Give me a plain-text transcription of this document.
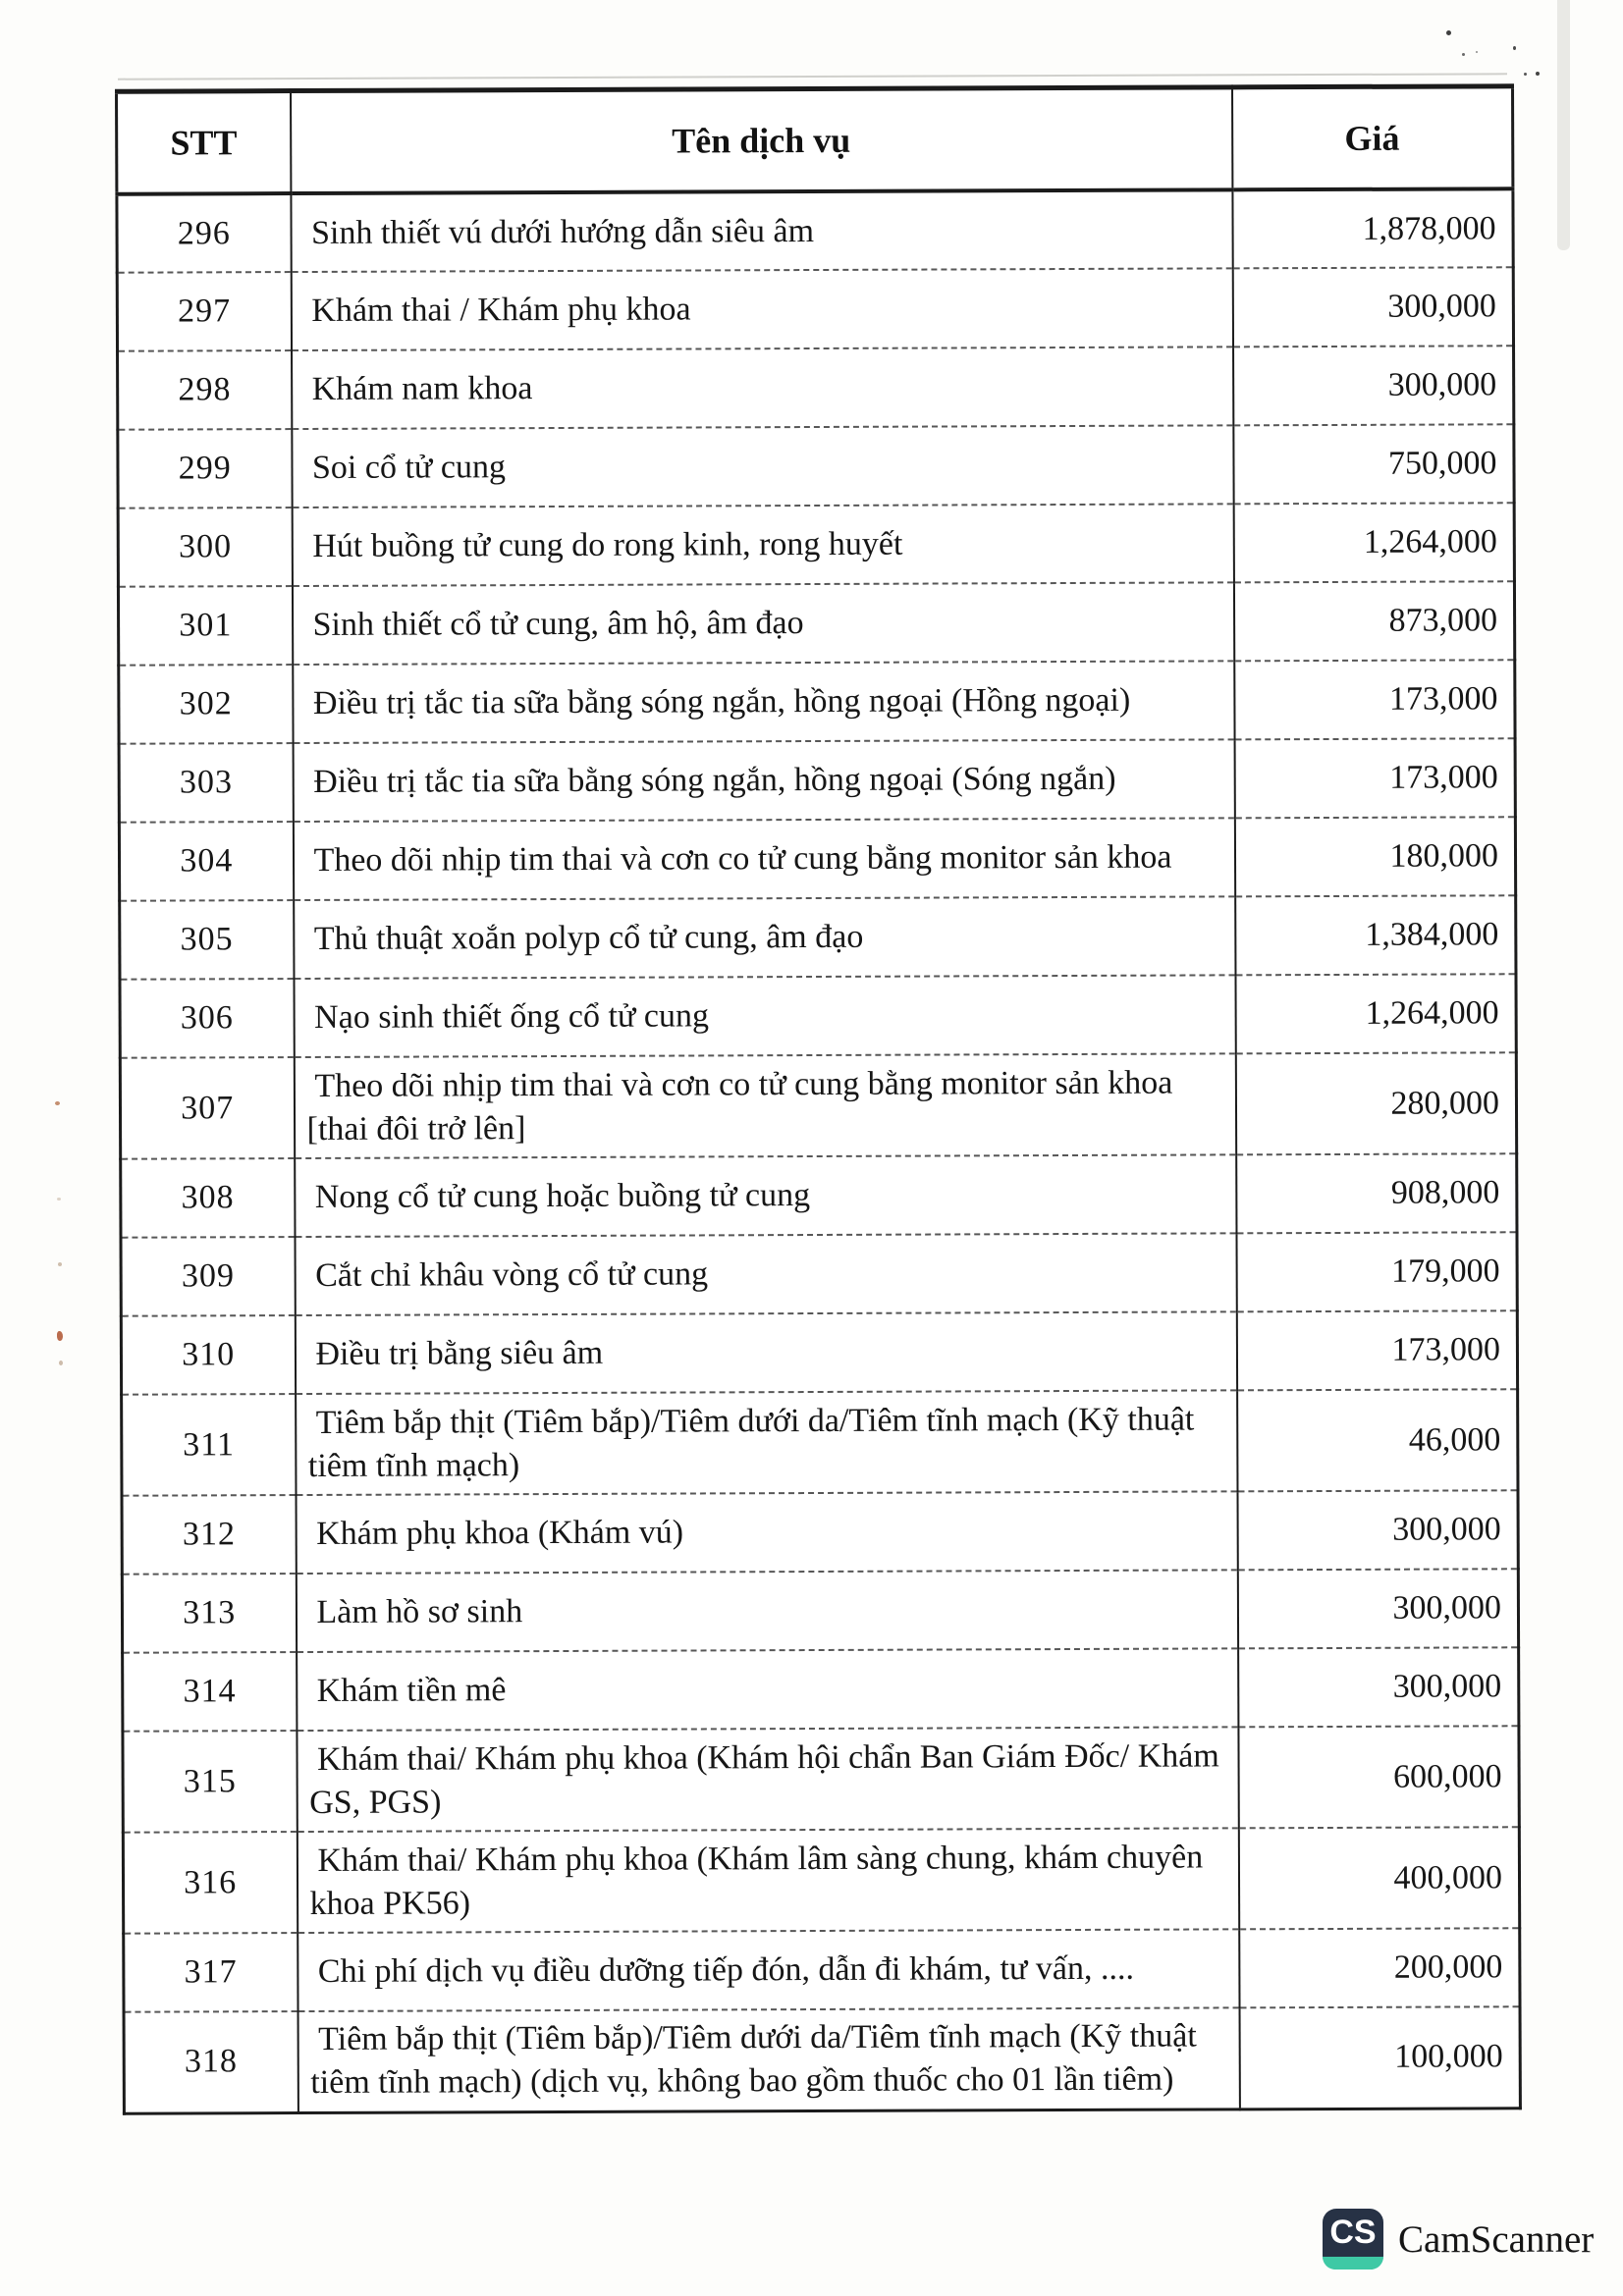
STT	Tên dịch vụ	Giá
296	Sinh thiết vú dưới hướng dẫn siêu âm	1,878,000
297	Khám thai / Khám phụ khoa	300,000
298	Khám nam khoa	300,000
299	Soi cổ tử cung	750,000
300	Hút buồng tử cung do rong kinh, rong huyết	1,264,000
301	Sinh thiết cổ tử cung, âm hộ, âm đạo	873,000
302	Điều trị tắc tia sữa bằng sóng ngắn, hồng ngoại (Hồng ngoại)	173,000
303	Điều trị tắc tia sữa bằng sóng ngắn, hồng ngoại (Sóng ngắn)	173,000
304	Theo dõi nhịp tim thai và cơn co tử cung bằng monitor sản khoa	180,000
305	Thủ thuật xoắn polyp cổ tử cung, âm đạo	1,384,000
306	Nạo sinh thiết ống cổ tử cung	1,264,000
307	Theo dõi nhịp tim thai và cơn co tử cung bằng monitor sản khoa [thai đôi trở lên]	280,000
308	Nong cổ tử cung hoặc buồng tử cung	908,000
309	Cắt chỉ khâu vòng cổ tử cung	179,000
310	Điều trị bằng siêu âm	173,000
311	Tiêm bắp thịt (Tiêm bắp)/Tiêm dưới da/Tiêm tĩnh mạch (Kỹ thuật tiêm tĩnh mạch)	46,000
312	Khám phụ khoa (Khám vú)	300,000
313	Làm hồ sơ sinh	300,000
314	Khám tiền mê	300,000
315	Khám thai/ Khám phụ khoa (Khám hội chẩn Ban Giám Đốc/ Khám GS, PGS)	600,000
316	Khám thai/ Khám phụ khoa (Khám lâm sàng chung, khám chuyên khoa PK56)	400,000
317	Chi phí dịch vụ điều dưỡng tiếp đón, dẫn đi khám, tư vấn, ....	200,000
318	Tiêm bắp thịt (Tiêm bắp)/Tiêm dưới da/Tiêm tĩnh mạch (Kỹ thuật tiêm tĩnh mạch) (dịch vụ, không bao gồm thuốc cho 01 lần tiêm)	100,000
CS CamScanner
